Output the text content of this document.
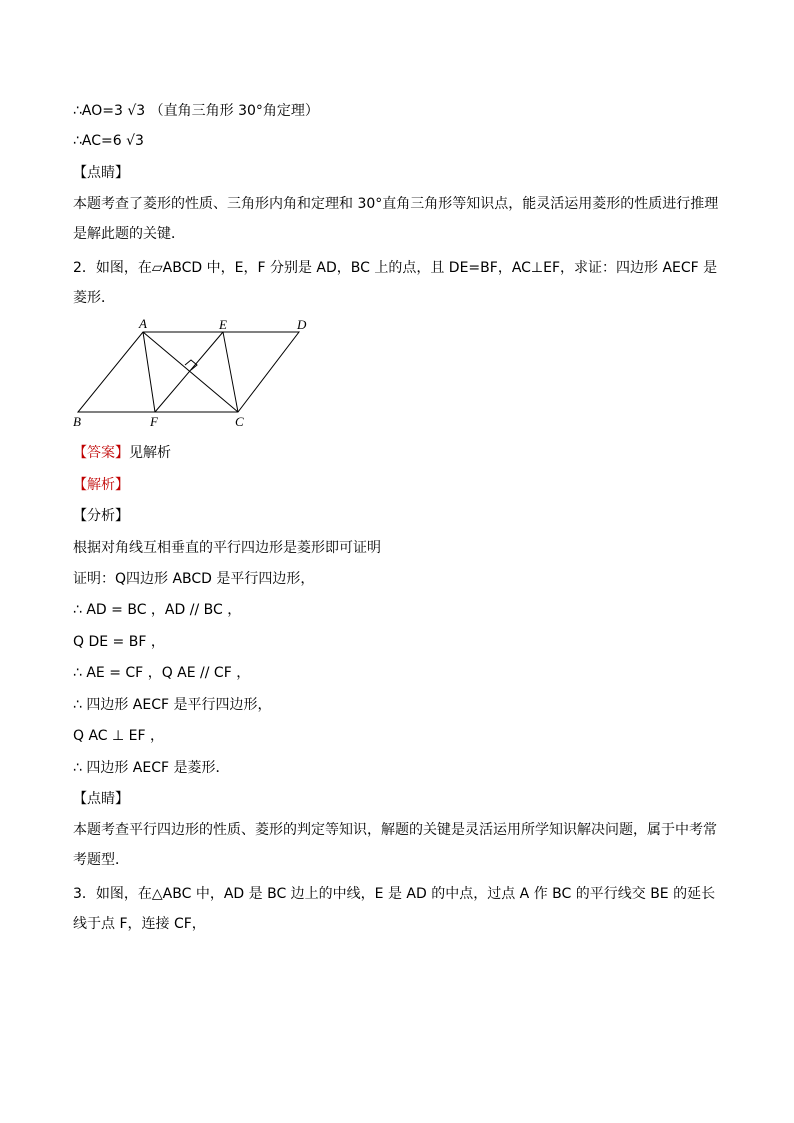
∴AO=3 √3 （直角三角形 30°角定理）
∴AC=6 √3
【点睛】
本题考查了菱形的性质、三角形内角和定理和 30°直角三角形等知识点，能灵活运用菱形的性质进行推理是解此题的关键．
2．如图，在▱ABCD 中，E，F 分别是 AD，BC 上的点，且 DE=BF，AC⊥EF，求证：四边形 AECF 是菱形．
A	E	D
B	F	C
【答案】见解析
【解析】
【分析】
根据对角线互相垂直的平行四边形是菱形即可证明
证明：Q四边形 ABCD 是平行四边形，
∴ AD = BC ，AD // BC ，
Q DE = BF ，
∴ AE = CF ，Q AE // CF ，
∴ 四边形 AECF 是平行四边形，
Q AC ⊥ EF ，
∴ 四边形 AECF 是菱形．
【点睛】
本题考查平行四边形的性质、菱形的判定等知识，解题的关键是灵活运用所学知识解决问题，属于中考常考题型．
3．如图，在△ABC 中，AD 是 BC 边上的中线，E 是 AD 的中点，过点 A 作 BC 的平行线交 BE 的延长线于点 F，连接 CF，
